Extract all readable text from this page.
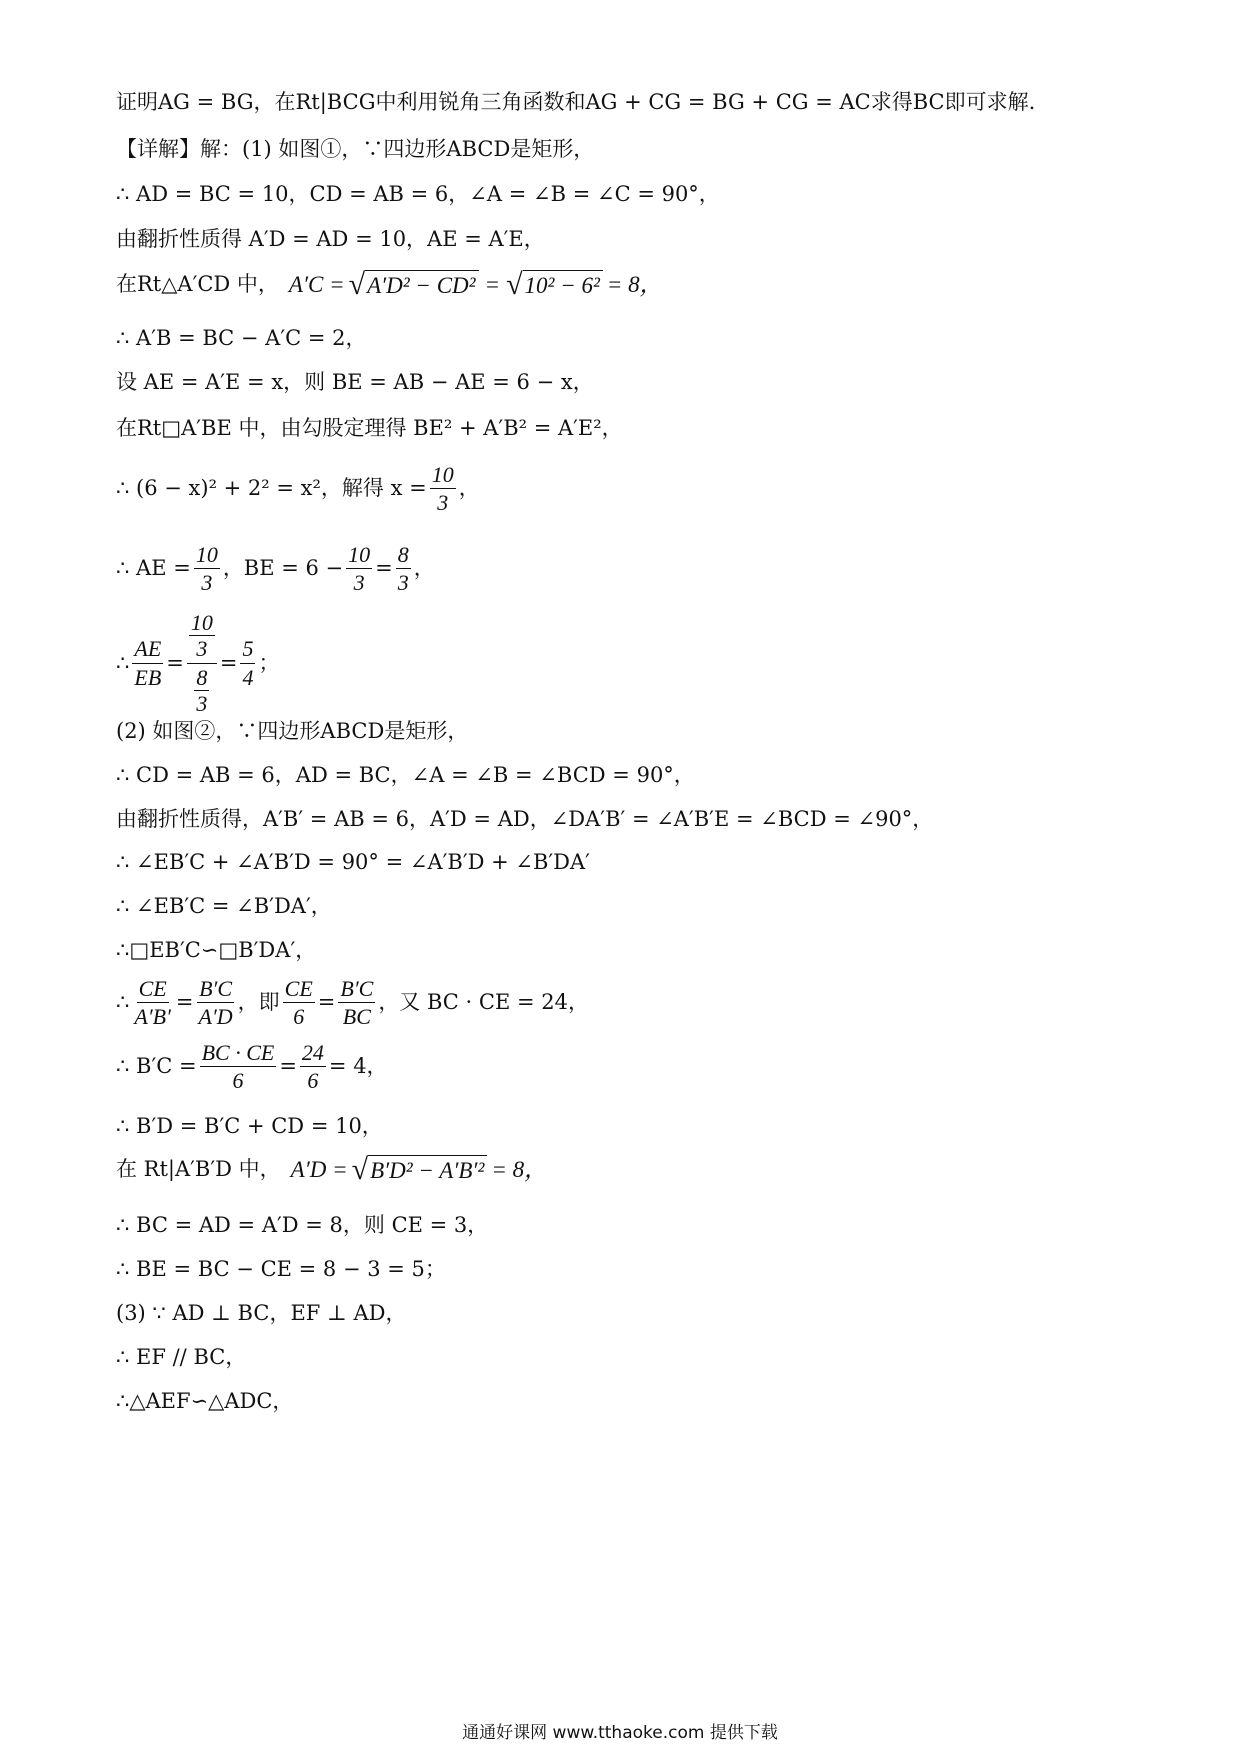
证明AG = BG，在Rt|BCG中利用锐角三角函数和AG + CG = BG + CG = AC求得BC即可求解.
【详解】解：(1) 如图①，∵四边形ABCD是矩形，
∴ AD = BC = 10，CD = AB = 6，∠A = ∠B = ∠C = 90°，
由翻折性质得 A′D = AD = 10，AE = A′E，
在Rt△A′CD 中， A′C = √ A′D² − CD² = √ 10² − 6² = 8，
∴ A′B = BC − A′C = 2，
设 AE = A′E = x，则 BE = AB − AE = 6 − x，
在Rt□A′BE 中，由勾股定理得 BE² + A′B² = A′E²，
∴ (6 − x)² + 2² = x²，解得 $x = \frac{10}{3}$ ，
∴ AE = $\frac{10}{3}$ ，BE = $6 - \frac{10}{3} = \frac{8}{3}$ ，
∴ $\frac{AE}{EB} = 10$
3
8
$3 = \frac{5}{4}$ ；
(2) 如图②，∵四边形ABCD是矩形，
∴ CD = AB = 6，AD = BC，∠A = ∠B = ∠BCD = 90°，
由翻折性质得，A′B′ = AB = 6，A′D = AD，∠DA′B′ = ∠A′B′E = ∠BCD = ∠90°，
∴ ∠EB′C + ∠A′B′D = 90° = ∠A′B′D + ∠B′DA′
∴ ∠EB′C = ∠B′DA′，
∴□EB′C∽□B′DA′，
∴ $\frac{CE}{A'B'} = \frac{B'C}{A'D}$ ，即 $\frac{CE}{6} = \frac{B'C}{BC}$ ，又 BC · CE = 24，
∴ $B'C = \frac{BC \cdot CE}{6} = \frac{24}{6} = 4$，
∴ B′D = B′C + CD = 10，
在 Rt|A′B′D 中， A′D = √ B′D² − A′B′² = 8，
∴ BC = AD = A′D = 8，则 CE = 3，
∴ BE = BC − CE = 8 − 3 = 5；
(3) ∵ AD ⊥ BC，EF ⊥ AD，
∴ EF // BC，
∴△AEF∽△ADC，
通通好课网 www.tthaoke.com 提供下载
